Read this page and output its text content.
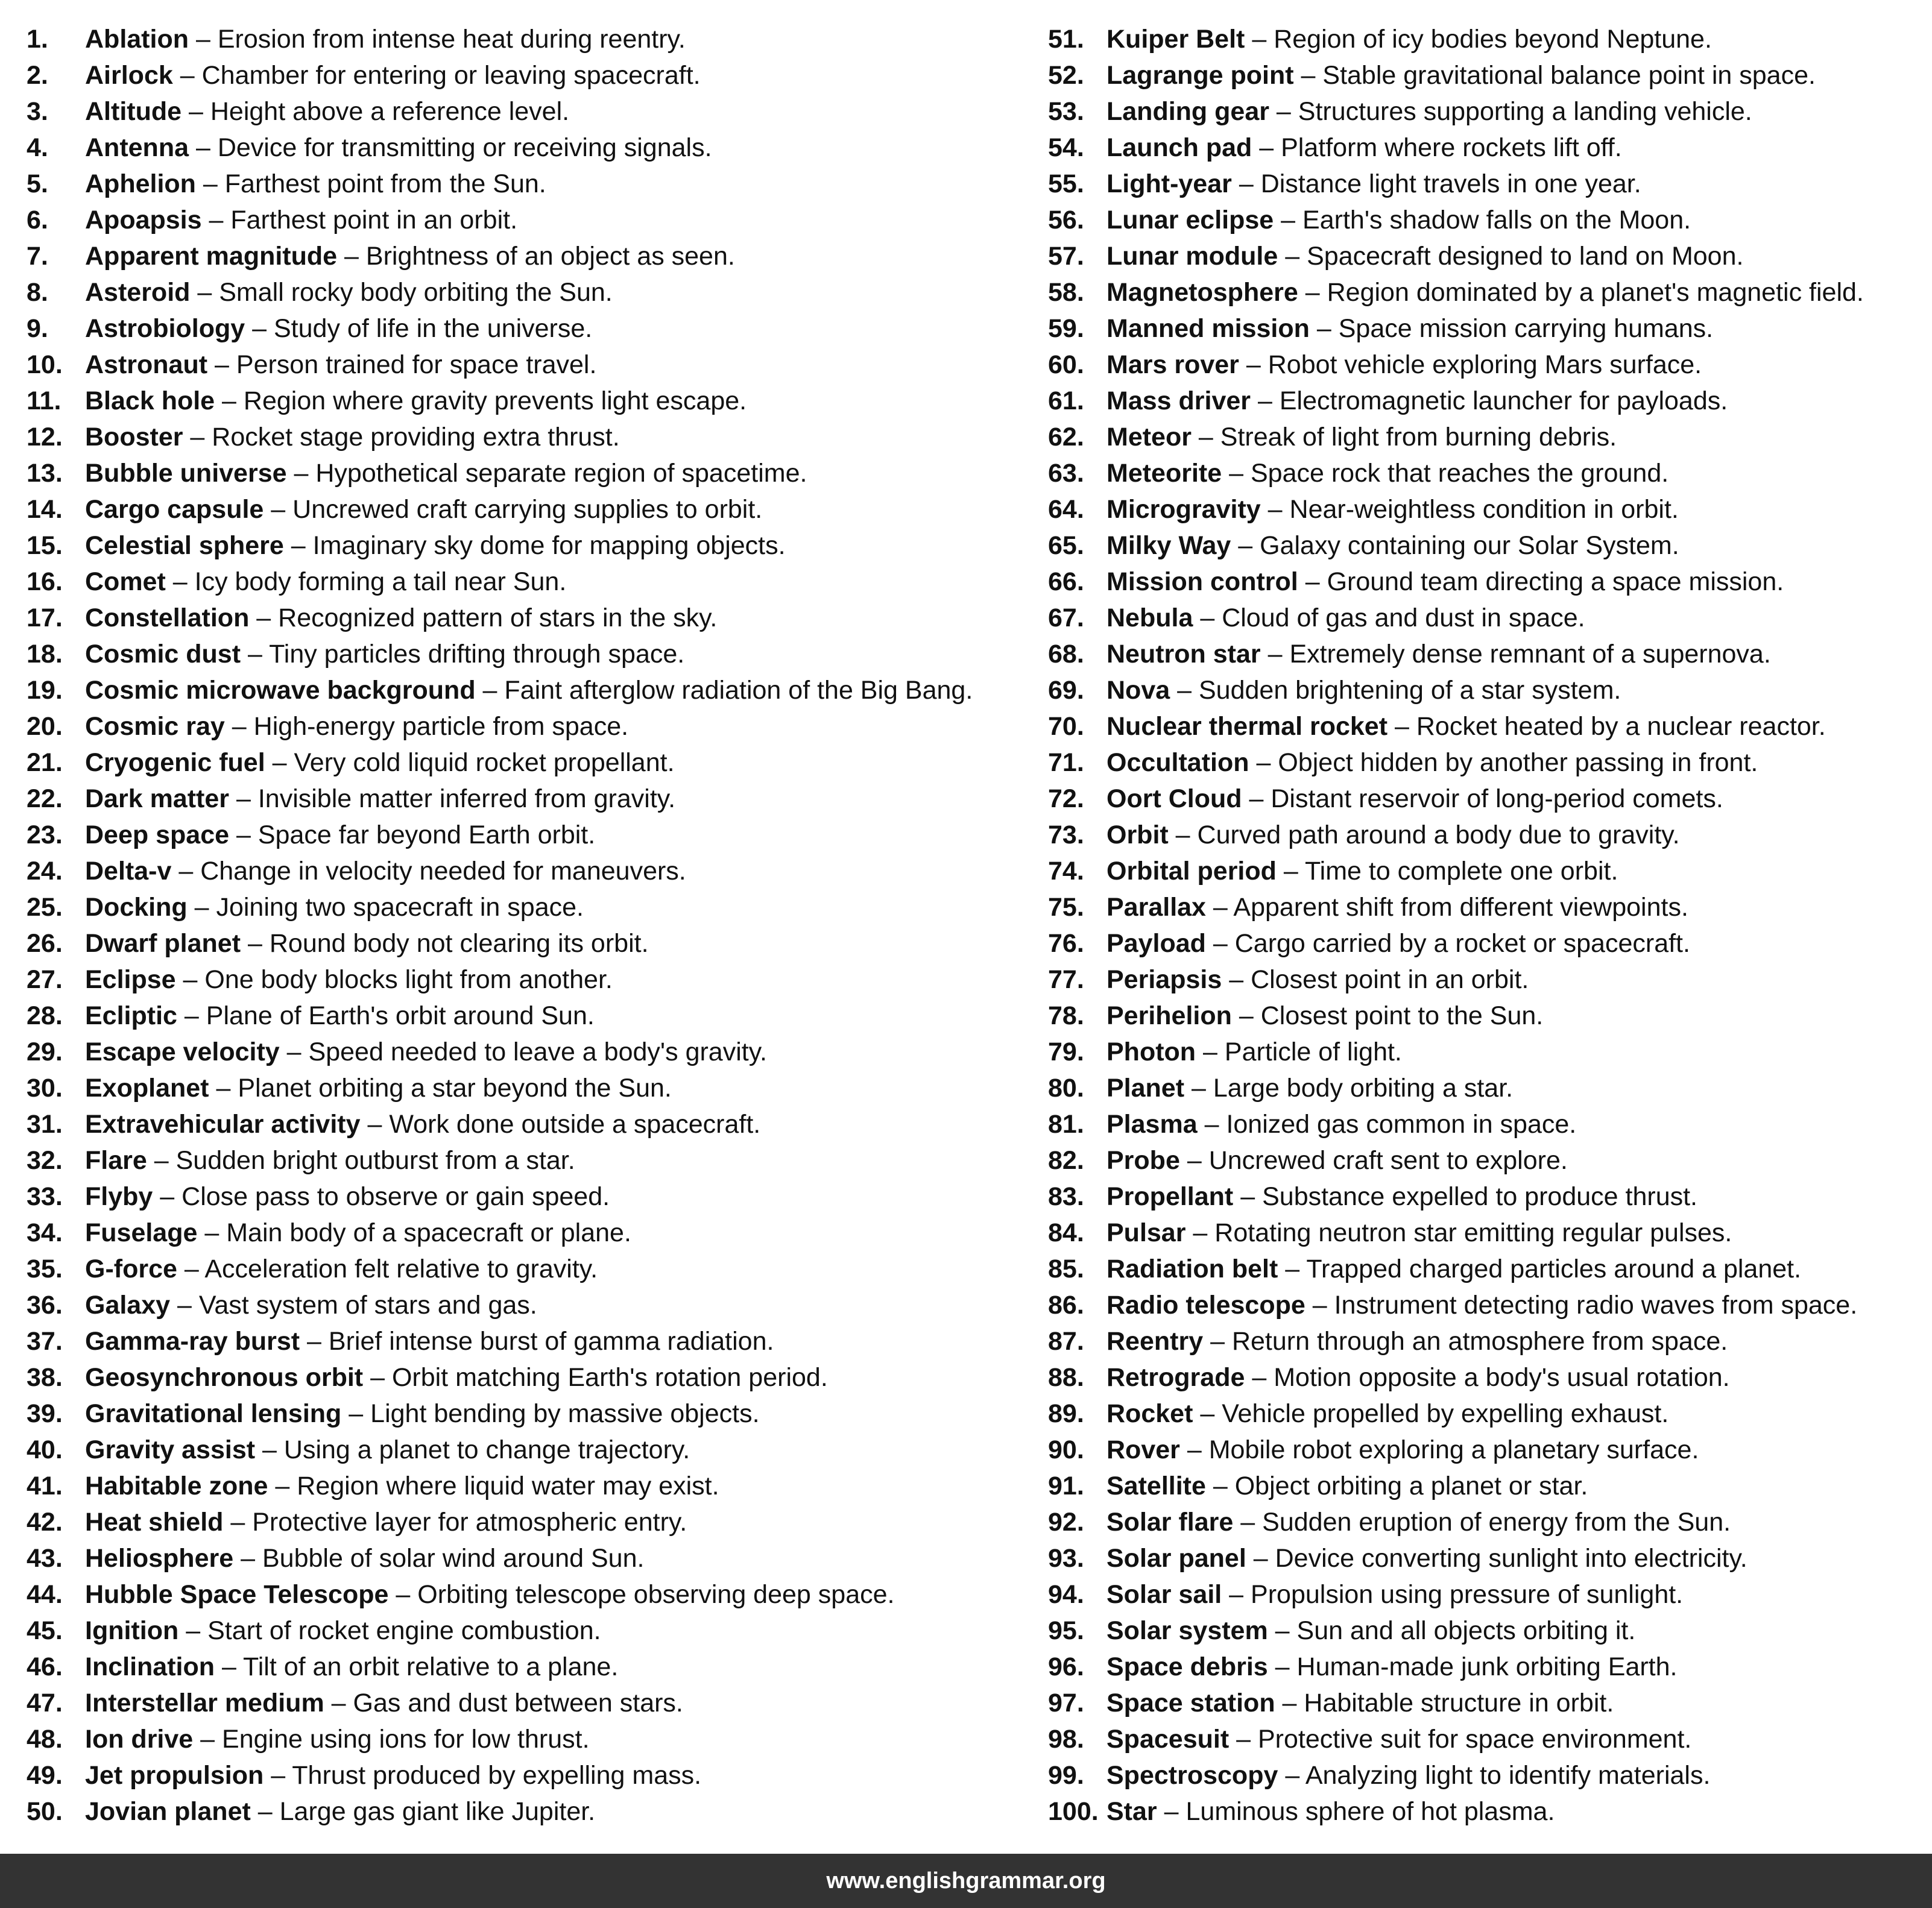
1.	Ablation – Erosion from intense heat during reentry.
2.	Airlock – Chamber for entering or leaving spacecraft.
3.	Altitude – Height above a reference level.
4.	Antenna – Device for transmitting or receiving signals.
5.	Aphelion – Farthest point from the Sun.
6.	Apoapsis – Farthest point in an orbit.
7.	Apparent magnitude – Brightness of an object as seen.
8.	Asteroid – Small rocky body orbiting the Sun.
9.	Astrobiology – Study of life in the universe.
10. Astronaut – Person trained for space travel.
11. Black hole – Region where gravity prevents light escape.
12. Booster – Rocket stage providing extra thrust.
13. Bubble universe – Hypothetical separate region of spacetime.
14. Cargo capsule – Uncrewed craft carrying supplies to orbit.
15. Celestial sphere – Imaginary sky dome for mapping objects.
16. Comet – Icy body forming a tail near Sun.
17. Constellation – Recognized pattern of stars in the sky.
18. Cosmic dust – Tiny particles drifting through space.
19. Cosmic microwave background – Faint afterglow radiation of the Big Bang.
20. Cosmic ray – High-energy particle from space.
21. Cryogenic fuel – Very cold liquid rocket propellant.
22. Dark matter – Invisible matter inferred from gravity.
23. Deep space – Space far beyond Earth orbit.
24. Delta-v – Change in velocity needed for maneuvers.
25. Docking – Joining two spacecraft in space.
26. Dwarf planet – Round body not clearing its orbit.
27. Eclipse – One body blocks light from another.
28. Ecliptic – Plane of Earth's orbit around Sun.
29. Escape velocity – Speed needed to leave a body's gravity.
30. Exoplanet – Planet orbiting a star beyond the Sun.
31. Extravehicular activity – Work done outside a spacecraft.
32. Flare – Sudden bright outburst from a star.
33. Flyby – Close pass to observe or gain speed.
34. Fuselage – Main body of a spacecraft or plane.
35. G-force – Acceleration felt relative to gravity.
36. Galaxy – Vast system of stars and gas.
37. Gamma-ray burst – Brief intense burst of gamma radiation.
38. Geosynchronous orbit – Orbit matching Earth's rotation period.
39. Gravitational lensing – Light bending by massive objects.
40. Gravity assist – Using a planet to change trajectory.
41. Habitable zone – Region where liquid water may exist.
42. Heat shield – Protective layer for atmospheric entry.
43. Heliosphere – Bubble of solar wind around Sun.
44. Hubble Space Telescope – Orbiting telescope observing deep space.
45. Ignition – Start of rocket engine combustion.
46. Inclination – Tilt of an orbit relative to a plane.
47. Interstellar medium – Gas and dust between stars.
48. Ion drive – Engine using ions for low thrust.
49. Jet propulsion – Thrust produced by expelling mass.
50. Jovian planet – Large gas giant like Jupiter.
51. Kuiper Belt – Region of icy bodies beyond Neptune.
52. Lagrange point – Stable gravitational balance point in space.
53. Landing gear – Structures supporting a landing vehicle.
54. Launch pad – Platform where rockets lift off.
55. Light-year – Distance light travels in one year.
56. Lunar eclipse – Earth's shadow falls on the Moon.
57. Lunar module – Spacecraft designed to land on Moon.
58. Magnetosphere – Region dominated by a planet's magnetic field.
59. Manned mission – Space mission carrying humans.
60. Mars rover – Robot vehicle exploring Mars surface.
61. Mass driver – Electromagnetic launcher for payloads.
62. Meteor – Streak of light from burning debris.
63. Meteorite – Space rock that reaches the ground.
64. Microgravity – Near-weightless condition in orbit.
65. Milky Way – Galaxy containing our Solar System.
66. Mission control – Ground team directing a space mission.
67. Nebula – Cloud of gas and dust in space.
68. Neutron star – Extremely dense remnant of a supernova.
69. Nova – Sudden brightening of a star system.
70. Nuclear thermal rocket – Rocket heated by a nuclear reactor.
71. Occultation – Object hidden by another passing in front.
72. Oort Cloud – Distant reservoir of long-period comets.
73. Orbit – Curved path around a body due to gravity.
74. Orbital period – Time to complete one orbit.
75. Parallax – Apparent shift from different viewpoints.
76. Payload – Cargo carried by a rocket or spacecraft.
77. Periapsis – Closest point in an orbit.
78. Perihelion – Closest point to the Sun.
79. Photon – Particle of light.
80. Planet – Large body orbiting a star.
81. Plasma – Ionized gas common in space.
82. Probe – Uncrewed craft sent to explore.
83. Propellant – Substance expelled to produce thrust.
84. Pulsar – Rotating neutron star emitting regular pulses.
85. Radiation belt – Trapped charged particles around a planet.
86. Radio telescope – Instrument detecting radio waves from space.
87. Reentry – Return through an atmosphere from space.
88. Retrograde – Motion opposite a body's usual rotation.
89. Rocket – Vehicle propelled by expelling exhaust.
90. Rover – Mobile robot exploring a planetary surface.
91. Satellite – Object orbiting a planet or star.
92. Solar flare – Sudden eruption of energy from the Sun.
93. Solar panel – Device converting sunlight into electricity.
94. Solar sail – Propulsion using pressure of sunlight.
95. Solar system – Sun and all objects orbiting it.
96. Space debris – Human-made junk orbiting Earth.
97. Space station – Habitable structure in orbit.
98. Spacesuit – Protective suit for space environment.
99. Spectroscopy – Analyzing light to identify materials.
100. Star – Luminous sphere of hot plasma.
www.englishgrammar.org
